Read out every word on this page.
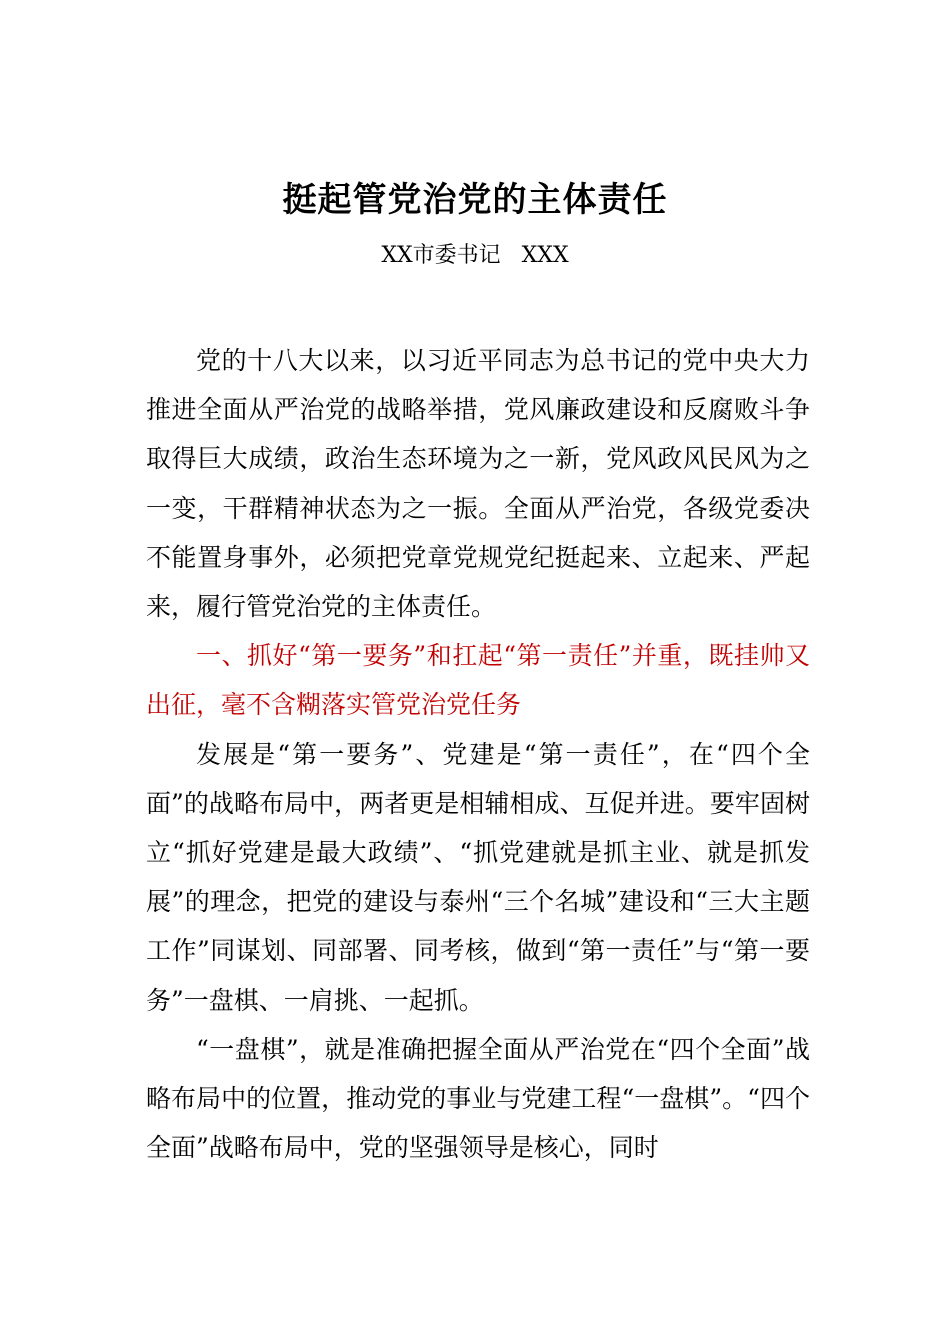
挺起管党治党的主体责任
XX市委书记   XXX

党的十八大以来，以习近平同志为总书记的党中央大力推进全面从严治党的战略举措，党风廉政建设和反腐败斗争取得巨大成绩，政治生态环境为之一新，党风政风民风为之一变，干群精神状态为之一振。全面从严治党，各级党委决不能置身事外，必须把党章党规党纪挺起来、立起来、严起来，履行管党治党的主体责任。

一、抓好“第一要务”和扛起“第一责任”并重，既挂帅又出征，毫不含糊落实管党治党任务

发展是“第一要务”、党建是“第一责任”，在“四个全面”的战略布局中，两者更是相辅相成、互促并进。要牢固树立“抓好党建是最大政绩”、“抓党建就是抓主业、就是抓发展”的理念，把党的建设与泰州“三个名城”建设和“三大主题工作”同谋划、同部署、同考核，做到“第一责任”与“第一要务”一盘棋、一肩挑、一起抓。

“一盘棋”，就是准确把握全面从严治党在“四个全面”战略布局中的位置，推动党的事业与党建工程“一盘棋”。“四个全面”战略布局中，党的坚强领导是核心，同时
